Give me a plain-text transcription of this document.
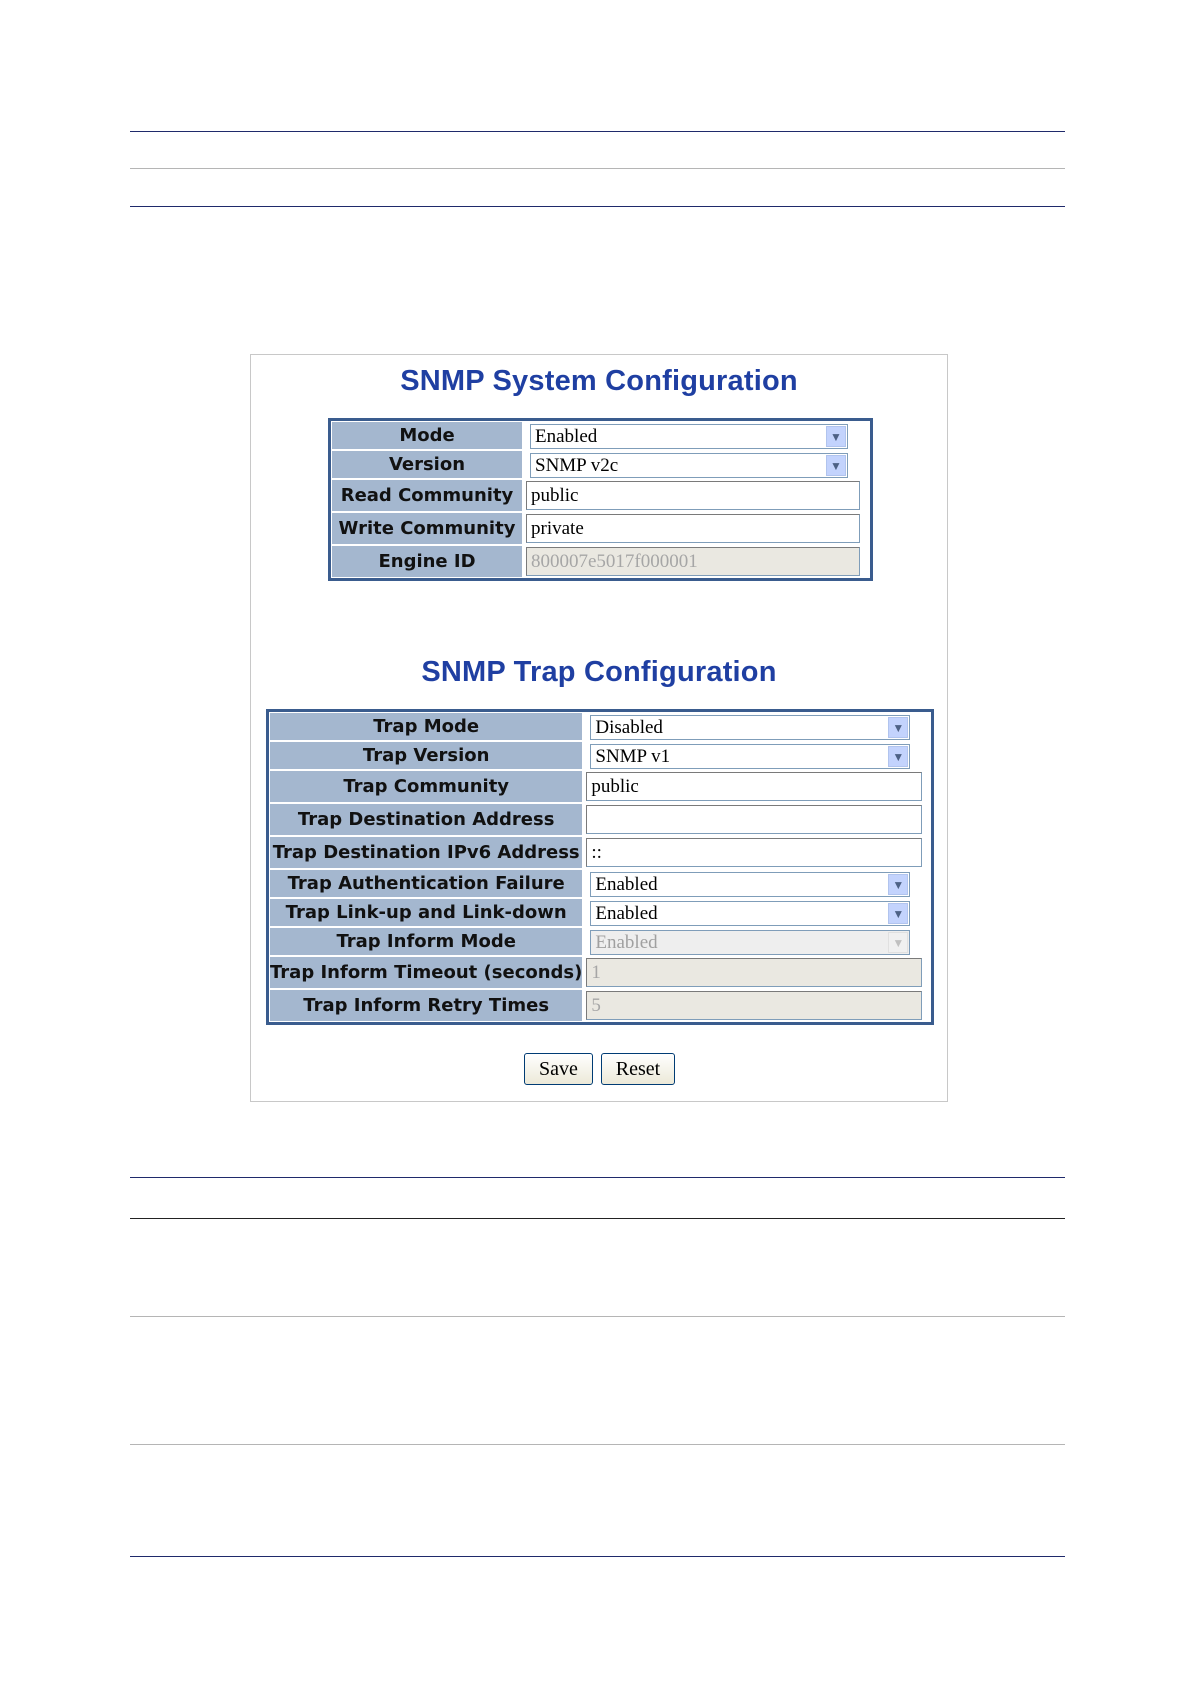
SNMP System Configuration
Mode	Enabled ▼

Version	SNMP v2c ▼

Read Community	public

Write Community	private

Engine ID	800007e5017f000001
SNMP Trap Configuration
Trap Mode	Disabled ▼

Trap Version	SNMP v1 ▼

Trap Community	public

Trap Destination Address	

Trap Destination IPv6 Address	::

Trap Authentication Failure	Enabled ▼

Trap Link-up and Link-down	Enabled ▼

Trap Inform Mode	Enabled ▼

Trap Inform Timeout (seconds)	1

Trap Inform Retry Times	5
Save	Reset
